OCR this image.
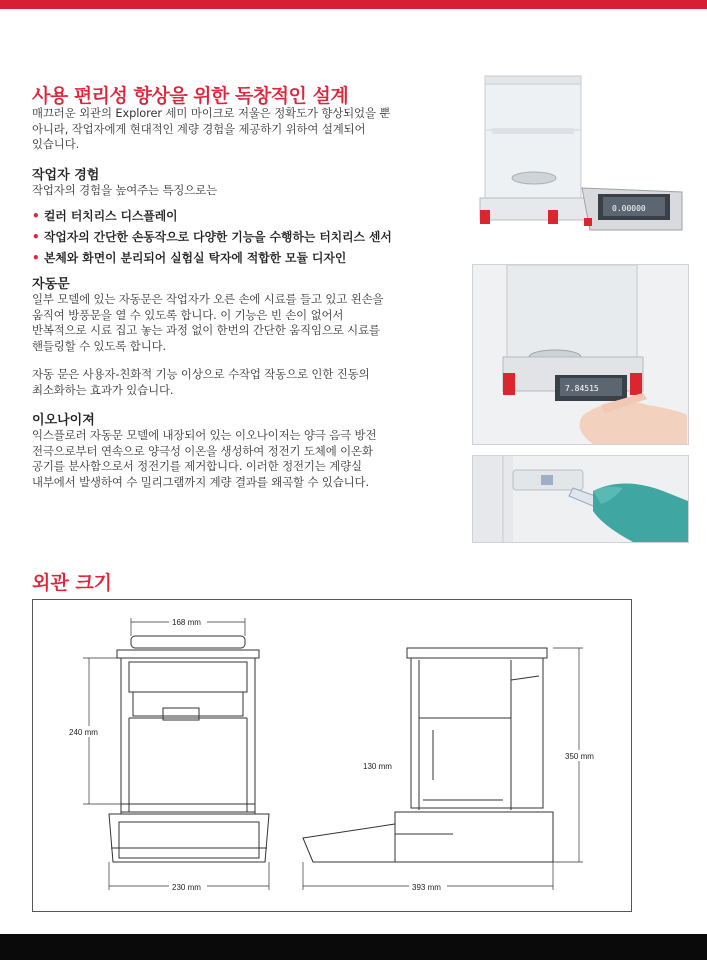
사용 편리성 향상을 위한 독창적인 설계
매끄러운 외관의 Explorer 세미 마이크로 저울은 정확도가 향상되었을 뿐
아니라, 작업자에게 현대적인 계량 경험을 제공하기 위하여 설계되어
있습니다.
작업자 경험
작업자의 경험을 높여주는 특징으로는
• 컬러 터치리스 디스플레이
• 작업자의 간단한 손동작으로 다양한 기능을 수행하는 터치리스 센서
• 본체와 화면이 분리되어 실험실 탁자에 적합한 모듈 디자인
자동문
일부 모델에 있는 자동문은 작업자가 오른 손에 시료를 들고 있고 왼손을
움직여 방풍문을 열 수 있도록 합니다. 이 기능은 빈 손이 없어서
반복적으로 시료 집고 놓는 과정 없이 한번의 간단한 움직임으로 시료를
핸들링할 수 있도록 합니다.
자동 문은 사용자-친화적 기능 이상으로 수작업 작동으로 인한 진동의
최소화하는 효과가 있습니다.
이오나이져
익스플로러 자동문 모델에 내장되어 있는 이오나이저는 양극 음극 방전
전극으로부터 연속으로 양극성 이온을 생성하여 정전기 도체에 이온화
공기를 분사함으로서 정전기를 제거합니다. 이러한 정전기는 계량실
내부에서 발생하여 수 밀리그램까지 계량 결과를 왜곡할 수 있습니다.
0.00000
7.84515
외관 크기
168 mm
240 mm
230 mm
130 mm
350 mm
393 mm
